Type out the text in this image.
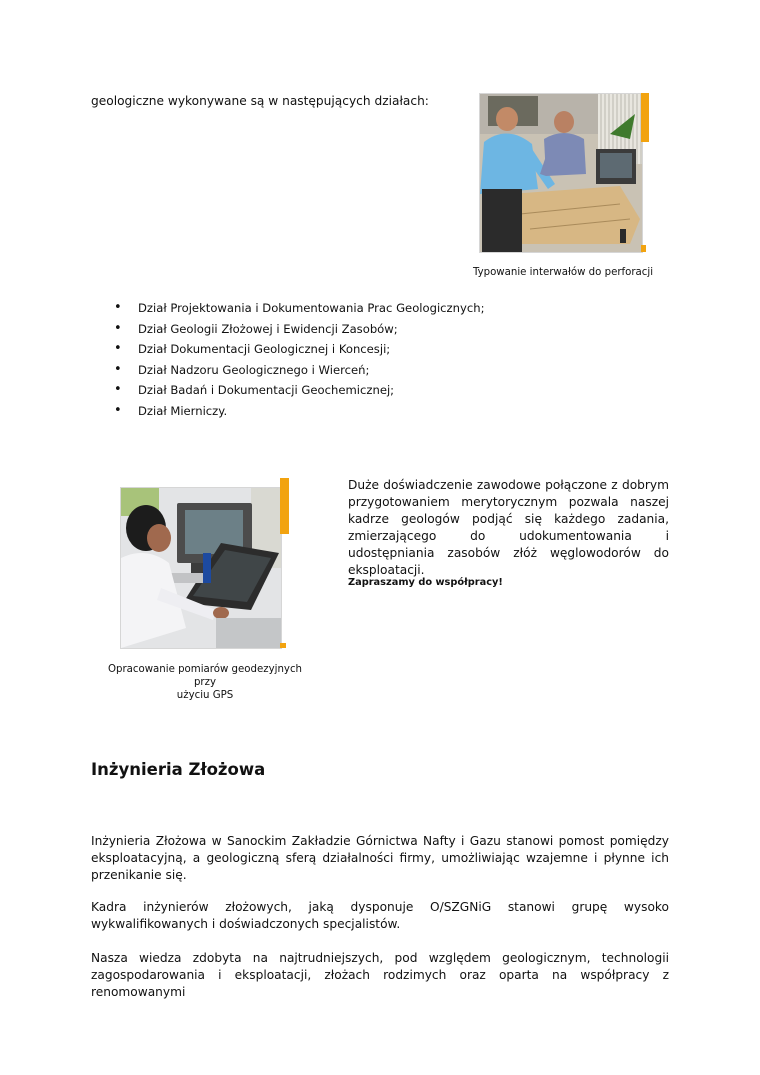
geologiczne wykonywane są w następujących działach:
Typowanie interwałów do perforacji
• Dział Projektowania i Dokumentowania Prac Geologicznych;
• Dział Geologii Złożowej i Ewidencji Zasobów;
• Dział Dokumentacji Geologicznej i Koncesji;
• Dział Nadzoru Geologicznego i Wierceń;
• Dział Badań i Dokumentacji Geochemicznej;
• Dział Mierniczy.
Opracowanie pomiarów geodezyjnych przy
użyciu GPS
Duże doświadczenie zawodowe połączone z dobrym przygotowaniem merytorycznym pozwala naszej kadrze geologów podjąć się każdego zadania, zmierzającego do udokumentowania i udostępniania zasobów złóż węglowodorów do eksploatacji.
Zapraszamy do współpracy!
Inżynieria Złożowa
Inżynieria Złożowa w Sanockim Zakładzie Górnictwa Nafty i Gazu stanowi pomost pomiędzy eksploatacyjną, a geologiczną sferą działalności firmy, umożliwiając wzajemne i płynne ich przenikanie się.
Kadra inżynierów złożowych, jaką dysponuje O/SZGNiG stanowi grupę wysoko wykwalifikowanych i doświadczonych specjalistów.
Nasza wiedza zdobyta na najtrudniejszych, pod względem geologicznym, technologii zagospodarowania i eksploatacji, złożach rodzimych oraz oparta na współpracy z renomowanymi
